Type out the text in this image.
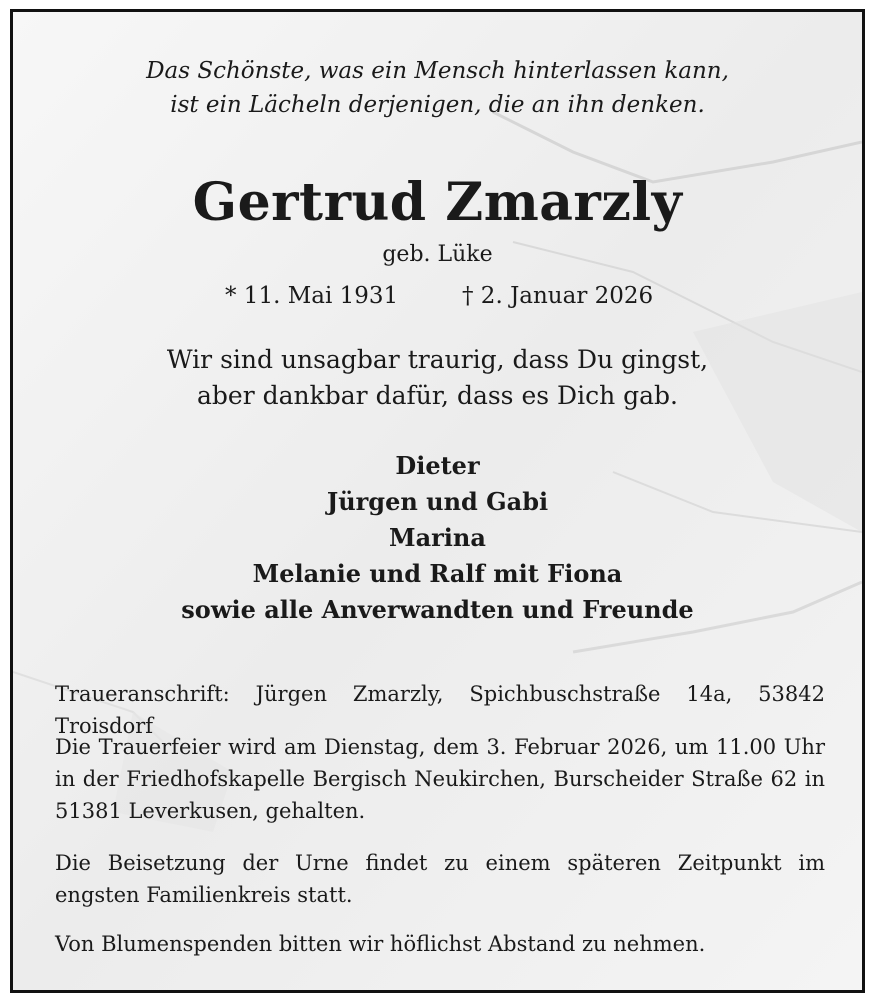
Das Schönste, was ein Mensch hinterlassen kann,
ist ein Lächeln derjenigen, die an ihn denken.
Gertrud Zmarzly
geb. Lüke
* 11. Mai 1931	† 2. Januar 2026
Wir sind unsagbar traurig, dass Du gingst,
aber dankbar dafür, dass es Dich gab.
Dieter
Jürgen und Gabi
Marina
Melanie und Ralf mit Fiona
sowie alle Anverwandten und Freunde
Traueranschrift: Jürgen Zmarzly, Spichbuschstraße 14a, 53842 Troisdorf
Die Trauerfeier wird am Dienstag, dem 3. Februar 2026, um 11.00 Uhr in der Friedhofskapelle Bergisch Neukirchen, Burscheider Straße 62 in 51381 Leverkusen, gehalten.
Die Beisetzung der Urne findet zu einem späteren Zeitpunkt im engsten Familienkreis statt.
Von Blumenspenden bitten wir höflichst Abstand zu nehmen.
